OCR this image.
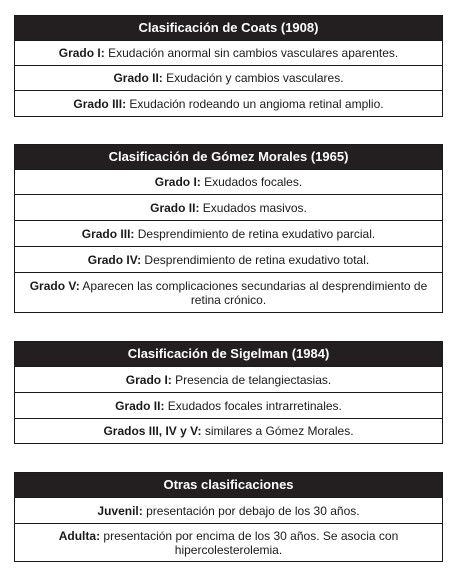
Clasificación de Coats (1908)
Grado I: Exudación anormal sin cambios vasculares aparentes.
Grado II: Exudación y cambios vasculares.
Grado III: Exudación rodeando un angioma retinal amplio.
Clasificación de Gómez Morales (1965)
Grado I: Exudados focales.
Grado II: Exudados masivos.
Grado III: Desprendimiento de retina exudativo parcial.
Grado IV: Desprendimiento de retina exudativo total.
Grado V: Aparecen las complicaciones secundarias al desprendimiento de retina crónico.
Clasificación de Sigelman (1984)
Grado I: Presencia de telangiectasias.
Grado II: Exudados focales intrarretinales.
Grados III, IV y V: similares a Gómez Morales.
Otras clasificaciones
Juvenil: presentación por debajo de los 30 años.
Adulta: presentación por encima de los 30 años. Se asocia con hipercolesterolemia.
